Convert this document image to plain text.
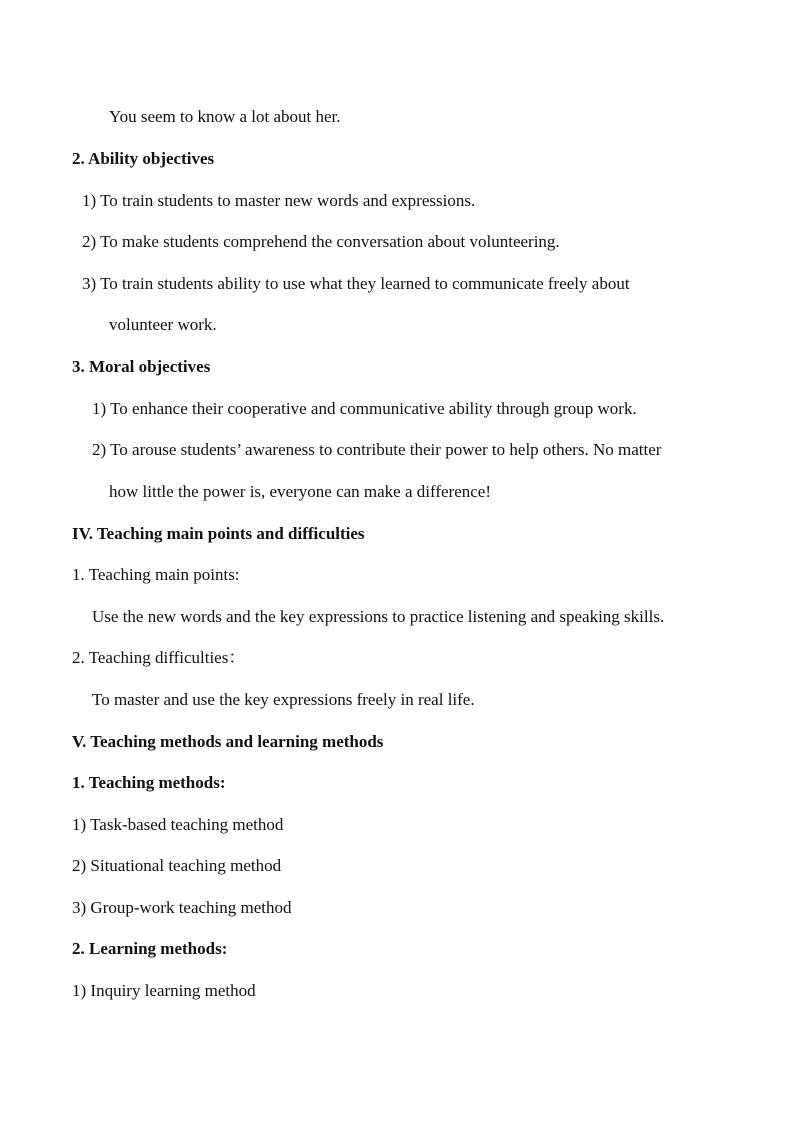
You seem to know a lot about her.
2. Ability objectives
1) To train students to master new words and expressions.
2) To make students comprehend the conversation about volunteering.
3) To train students ability to use what they learned to communicate freely about
volunteer work.
3. Moral objectives
1) To enhance their cooperative and communicative ability through group work.
2) To arouse students’ awareness to contribute their power to help others. No matter
how little the power is, everyone can make a difference!
IV. Teaching main points and difficulties
1. Teaching main points:
Use the new words and the key expressions to practice listening and speaking skills.
2. Teaching difficulties：
To master and use the key expressions freely in real life.
V. Teaching methods and learning methods
1. Teaching methods:
1) Task-based teaching method
2) Situational teaching method
3) Group-work teaching method
2. Learning methods:
1) Inquiry learning method
